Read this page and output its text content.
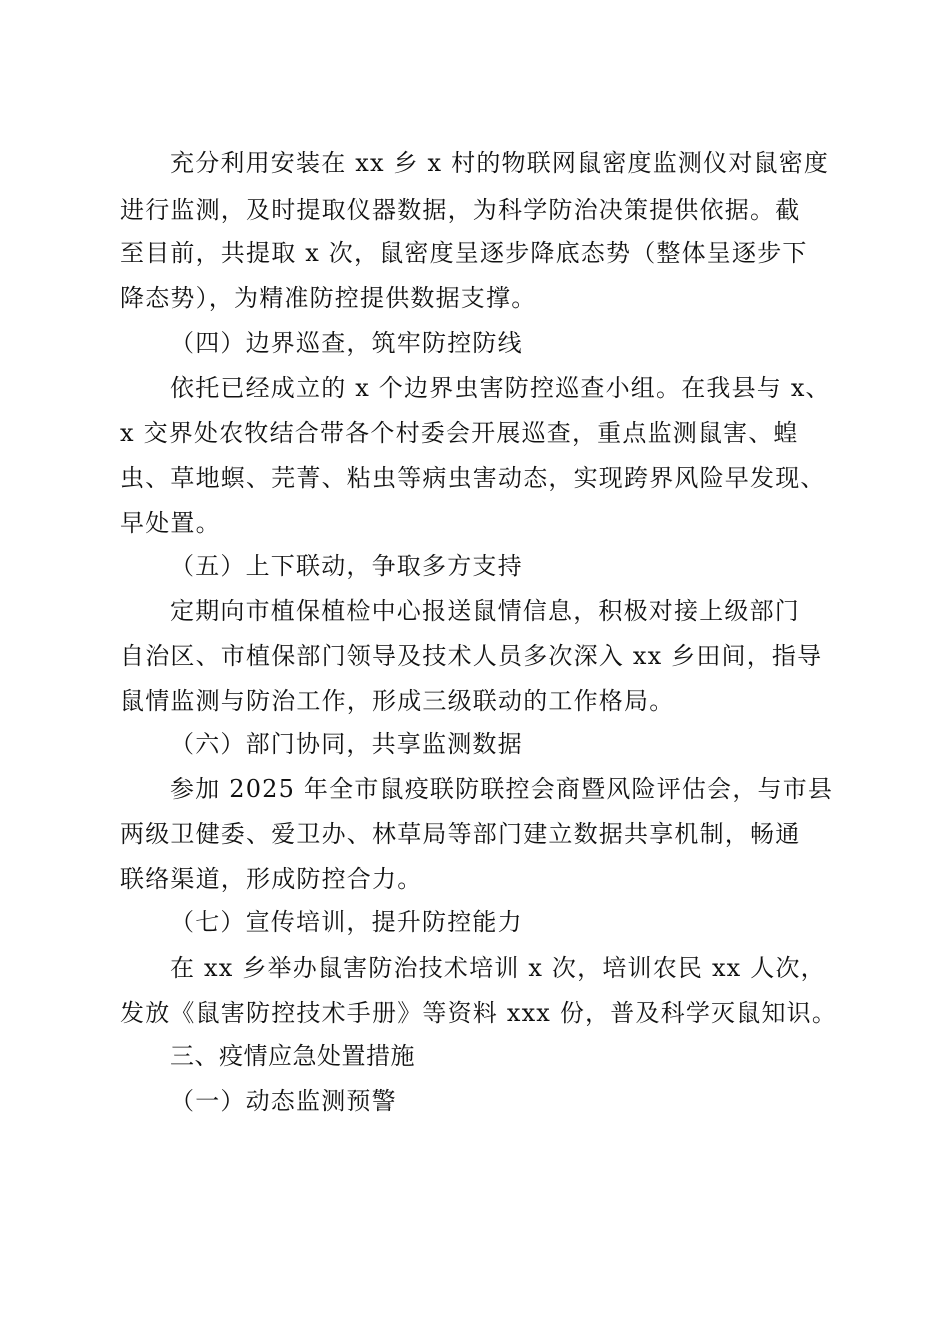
充分利用安装在 xx 乡 x 村的物联网鼠密度监测仪对鼠密度
进行监测，及时提取仪器数据，为科学防治决策提供依据。截
至目前，共提取 x 次，鼠密度呈逐步降底态势（整体呈逐步下
降态势），为精准防控提供数据支撑。
（四）边界巡查，筑牢防控防线
依托已经成立的 x 个边界虫害防控巡查小组。在我县与 x、
x 交界处农牧结合带各个村委会开展巡查，重点监测鼠害、蝗
虫、草地螟、芫菁、粘虫等病虫害动态，实现跨界风险早发现、
早处置。
（五）上下联动，争取多方支持
定期向市植保植检中心报送鼠情信息，积极对接上级部门
自治区、市植保部门领导及技术人员多次深入 xx 乡田间，指导
鼠情监测与防治工作，形成三级联动的工作格局。
（六）部门协同，共享监测数据
参加 2025 年全市鼠疫联防联控会商暨风险评估会，与市县
两级卫健委、爱卫办、林草局等部门建立数据共享机制，畅通
联络渠道，形成防控合力。
（七）宣传培训，提升防控能力
在 xx 乡举办鼠害防治技术培训 x 次，培训农民 xx 人次，
发放《鼠害防控技术手册》等资料 xxx 份，普及科学灭鼠知识。
三、疫情应急处置措施
（一）动态监测预警
